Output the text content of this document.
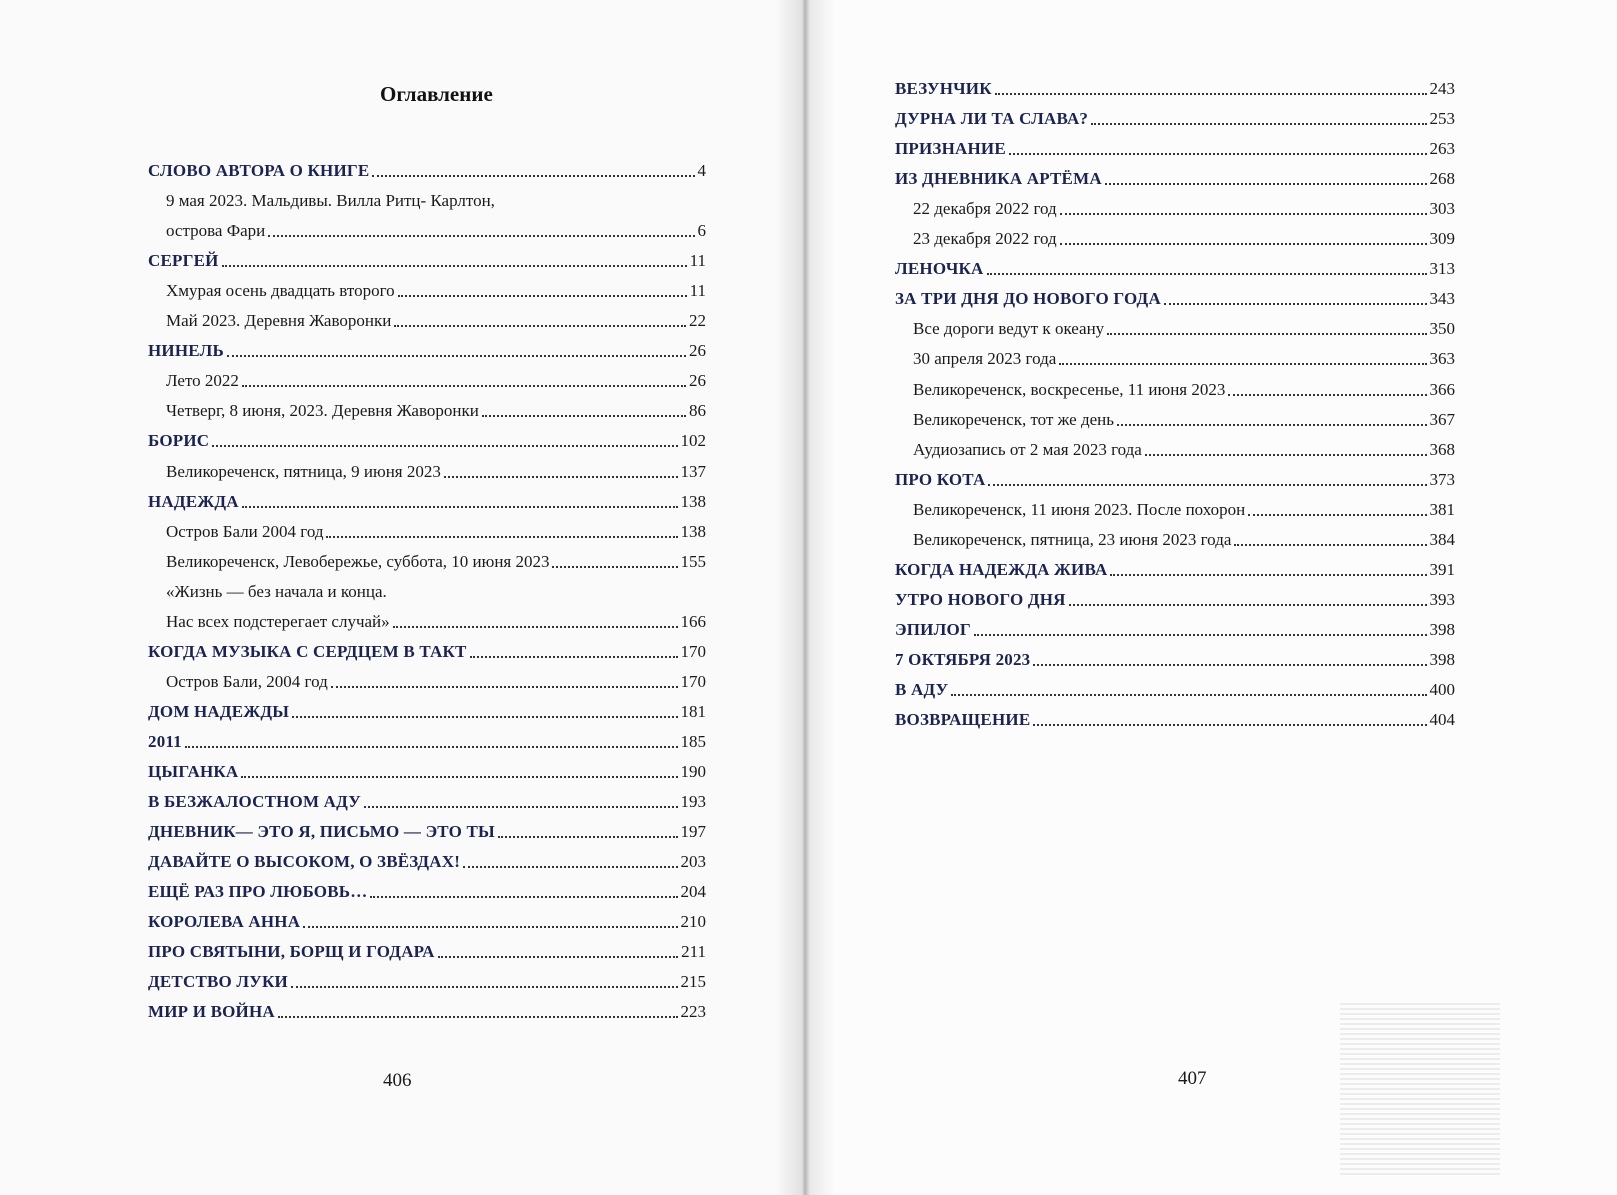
Оглавление
СЛОВО АВТОРА О КНИГЕ	4
9 мая 2023. Мальдивы. Вилла Ритц- Карлтон,
острова Фари	6
СЕРГЕЙ	11
Хмурая осень двадцать второго	11
Май 2023. Деревня Жаворонки	22
НИНЕЛЬ	26
Лето 2022	26
Четверг, 8 июня, 2023. Деревня Жаворонки	86
БОРИС	102
Великореченск, пятница, 9 июня 2023	137
НАДЕЖДА	138
Остров Бали 2004 год	138
Великореченск, Левобережье, суббота, 10 июня 2023	155
«Жизнь — без начала и конца.
Нас всех подстерегает случай»	166
КОГДА МУЗЫКА С СЕРДЦЕМ В ТАКТ	170
Остров Бали, 2004 год	170
ДОМ НАДЕЖДЫ	181
2011	185
ЦЫГАНКА	190
В БЕЗЖАЛОСТНОМ АДУ	193
ДНЕВНИК— ЭТО Я, ПИСЬМО — ЭТО ТЫ	197
ДАВАЙТЕ О ВЫСОКОМ, О ЗВЁЗДАХ!	203
ЕЩЁ РАЗ ПРО ЛЮБОВЬ…	204
КОРОЛЕВА АННА	210
ПРО СВЯТЫНИ, БОРЩ И ГОДАРА	211
ДЕТСТВО ЛУКИ	215
МИР И ВОЙНА	223
406
ВЕЗУНЧИК	243
ДУРНА ЛИ ТА СЛАВА?	253
ПРИЗНАНИЕ	263
ИЗ ДНЕВНИКА АРТЁМА	268
22 декабря 2022 год	303
23 декабря 2022 год	309
ЛЕНОЧКА	313
ЗА ТРИ ДНЯ ДО НОВОГО ГОДА	343
Все дороги ведут к океану	350
30 апреля 2023 года	363
Великореченск, воскресенье, 11 июня 2023	366
Великореченск, тот же день	367
Аудиозапись от 2 мая 2023 года	368
ПРО КОТА	373
Великореченск, 11 июня 2023. После похорон	381
Великореченск, пятница, 23 июня 2023 года	384
КОГДА НАДЕЖДА ЖИВА	391
УТРО НОВОГО ДНЯ	393
ЭПИЛОГ	398
7 ОКТЯБРЯ 2023	398
В АДУ	400
ВОЗВРАЩЕНИЕ	404
407
